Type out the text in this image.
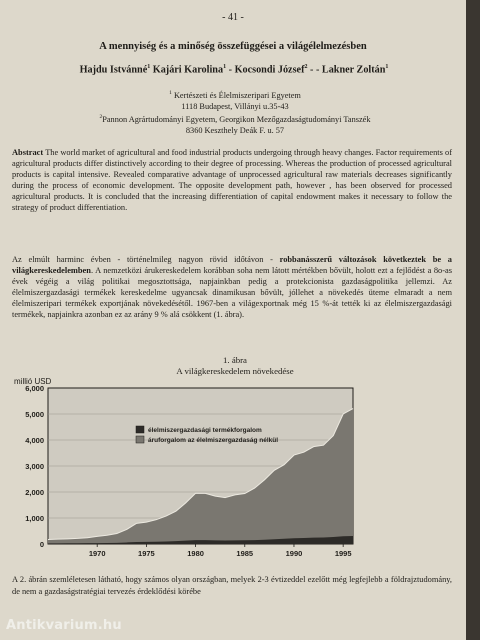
- 41 -
A mennyiség és a minőség összefüggései a világélelmezésben
Hajdu Istvánné$^1$ Kajári Karolina$^1$ - Kocsondi József$^2$ - - Lakner Zoltán$^1$
$^1$ Kertészeti és Élelmiszeripari Egyetem
1118 Budapest, Villányi u.35-43
$^2$Pannon Agrártudományi Egyetem, Georgikon Mezőgazdaságtudományi Tanszék
8360 Keszthely Deák F. u. 57
Abstract The world market of agricultural and food industrial products undergoing through heavy changes. Factor requirements of agricultural products differ distinctively according to their degree of processing. Whereas the production of processed agricultural products is capital intensive. Revealed comparative advantage of unprocessed agricultural raw materials decreases significantly during the process of economic development. The opposite development path, however , has been observed for processed agricultural products. It is concluded that the increasing differentiation of capital endowment makes it necessary to follow the strategy of product differentiation.
Az elmúlt harminc évben - történelmileg nagyon rövid időtávon - robbanásszerű változások következtek be a világkereskedelemben. A nemzetközi árukereskedelem korábban soha nem látott mértékben bővült, holott ezt a fejlődést a 8o-as évek végéig a világ politikai megosztottsága, napjainkban pedig a protekcionista gazdaságpolitika jellemzi. Az élelmiszergazdasági termékek kereskedelme ugyancsak dinamikusan bővült, jóllehet a növekedés üteme elmaradt a nem élelmiszeripari termékek exportjának növekedésétől. 1967-ben a világexportnak még 15 %-át tették ki az élelmiszergazdasági termékek, napjainkra azonban ez az arány 9 % alá csökkent (1. ábra).
1. ábra
A világkereskedelem növekedése
millió USD
0
1,000
2,000
3,000
4,000
5,000
6,000
1970	1975	1980	1985	1990	1995
élelmiszergazdasági termékforgalom
áruforgalom az élelmiszergazdaság nélkül
A 2. ábrán szemléletesen látható, hogy számos olyan országban, melyek 2-3 évtizeddel ezelőtt még legfejlebb a földrajztudomány, de nem a gazdaságstratégiai tervezés érdeklődési körébe
Antikvarium.hu
